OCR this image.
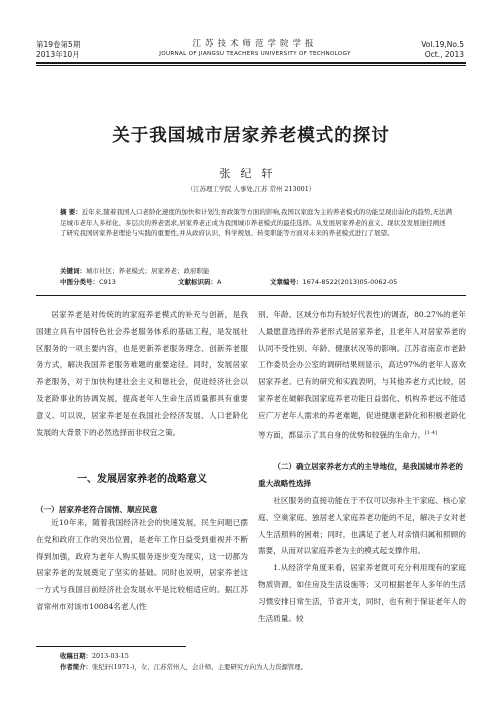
第19卷第5期
2013年10月
江苏技术师范学院学报
JOURNAL OF JIANGSU TEACHERS UNIVERSITY OF TECHNOLOGY
Vol.19,No.5
Oct., 2013
关于我国城市居家养老模式的探讨
张纪轩
（江苏理工学院 人事处,江苏 常州 213001）
摘 要：近年来,随着我国人口老龄化速度的加快和计划生育政策等方面的影响,我国以家庭为主的养老模式的功能呈现出弱化的趋势,无法满足城市老年人多样化、多层次的养老需求,居家养老正成为我国城市养老模式的最佳选择。从发展居家养老的意义、现状及发展途径阐述了研究我国居家养老理论与实践的重要性,并从政府认识、科学规划、转变职能等方面对未来的养老模式进行了展望。
关键词：城市社区；养老模式；居家养老；政府职能
中图分类号：C913	文献标识码：A	文章编号：1674-8522(2013)05-0062-05

居家养老是对传统的的家庭养老模式的补充与创新，是我国建立具有中国特色社会养老服务体系的基础工程，是发展社区服务的一项主要内容，也是更新养老服务理念、创新养老服务方式，解决我国养老服务难题的重要途径。同时，发展居家养老服务，对于加快构建社会主义和谐社会，促进经济社会以及老龄事业的协调发展，提高老年人生命生活质量都具有重要意义。可以说，居家养老是在我国社会经济发展、人口老龄化发展的大背景下的必然选择而非权宜之策。

一、发展居家养老的战略意义
（一）居家养老符合国情、顺应民意

近10年来，随着我国经济社会的快速发展，民生问题已摆在党和政府工作的突出位置，是老年工作日益受到重视并不断得到加强，政府为老年人购买服务逐步变为现实，这一切都为居家养老的发展奠定了坚实的基础。同时也说明，居家养老这一方式与我国目前经济社会发展水平是比较相适应的。据江苏省常州市对该市10084名老人(性

别、年龄、区域分布均有较好代表性)的调查，80.27%的老年人最愿意选择的养老形式是居家养老，且老年人对居家养老的认同不受性别、年龄、健康状况等的影响。江苏省南京市老龄工作委员会办公室的调研结果则显示，高达97%的老年人喜欢居家养老。已有的研究和实践表明，与其他养老方式比较，居家养老在破解我国家庭养老功能日益弱化、机构养老远不能适应广万老年人需求的养老难题，促进健康老龄化和积极老龄化等方面，都显示了其自身的优势和较强的生命力。[1-4]

（二）确立居家养老方式的主导地位，是我国城市养老的重大战略性选择

社区服务的直接功能在于不仅可以弥补主干家庭、核心家庭、空巢家庭、独居老人家庭养老功能的不足，解决子女对老人生活照料的困难；同时，也满足了老人对亲情归属和照顾的需要，从而对以家庭养老为主的模式起支撑作用。

1.从经济学角度来看，居家养老既可充分利用现有的家庭物质资源，如住房及生活设施等；又可根据老年人多年的生活习惯安排日常生活，节省开支，同时，也有利于保证老年人的生活质量。较

收稿日期：2013-03-15
作者简介：张纪轩(1971-)，女，江苏常州人，会计师，主要研究方向为人力资源管理。
